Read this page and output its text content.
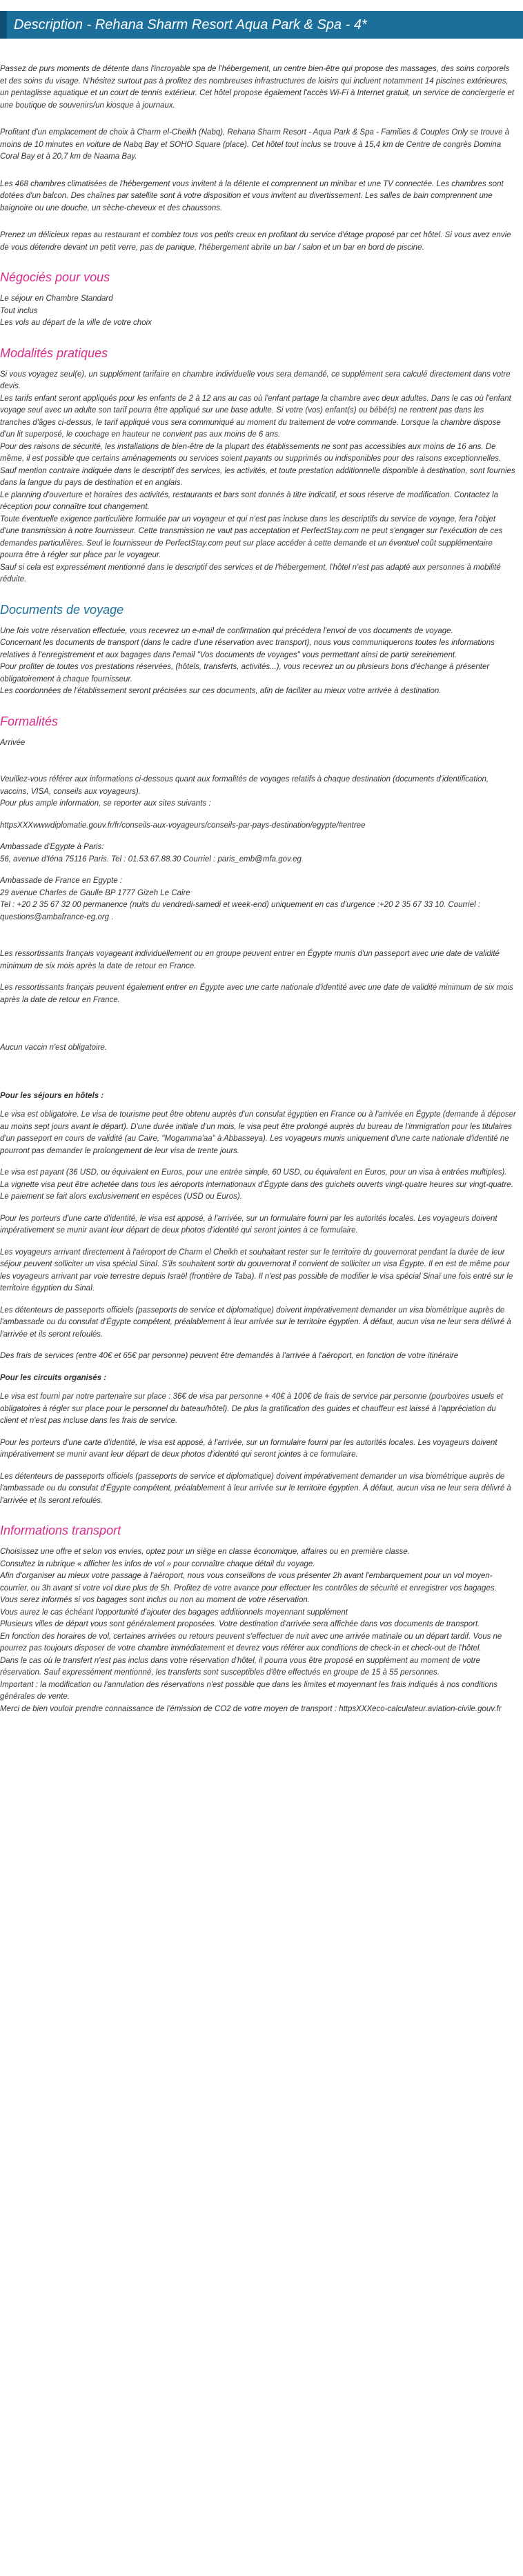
Description - Rehana Sharm Resort Aqua Park & Spa - 4*

Passez de purs moments de détente dans l'incroyable spa de l'hébergement, un centre bien-être qui propose des massages, des soins corporels et des soins du visage. N'hésitez surtout pas à profitez des nombreuses infrastructures de loisirs qui incluent notamment 14 piscines extérieures, un pentaglisse aquatique et un court de tennis extérieur. Cet hôtel propose également l'accès Wi-Fi à Internet gratuit, un service de conciergerie et une boutique de souvenirs/un kiosque à journaux.

Profitant d'un emplacement de choix à Charm el-Cheikh (Nabq), Rehana Sharm Resort - Aqua Park & Spa - Families & Couples Only se trouve à moins de 10 minutes en voiture de Nabq Bay et SOHO Square (place). Cet hôtel tout inclus se trouve à 15,4 km de Centre de congrès Domina Coral Bay et à 20,7 km de Naama Bay.

Les 468 chambres climatisées de l'hébergement vous invitent à la détente et comprennent un minibar et une TV connectée. Les chambres sont dotées d'un balcon. Des chaînes par satellite sont à votre disposition et vous invitent au divertissement. Les salles de bain comprennent une baignoire ou une douche, un sèche-cheveux et des chaussons.

Prenez un délicieux repas au restaurant et comblez tous vos petits creux en profitant du service d'étage proposé par cet hôtel. Si vous avez envie de vous détendre devant un petit verre, pas de panique, l'hébergement abrite un bar / salon et un bar en bord de piscine.

Négociés pour vous
Le séjour en Chambre Standard
Tout inclus
Les vols au départ de la ville de votre choix
Modalités pratiques

Si vous voyagez seul(e), un supplément tarifaire en chambre individuelle vous sera demandé, ce supplément sera calculé directement dans votre devis.
Les tarifs enfant seront appliqués pour les enfants de 2 à 12 ans au cas où l'enfant partage la chambre avec deux adultes. Dans le cas où l'enfant voyage seul avec un adulte son tarif pourra être appliqué sur une base adulte. Si votre (vos) enfant(s) ou bébé(s) ne rentrent pas dans les tranches d'âges ci-dessus, le tarif appliqué vous sera communiqué au moment du traitement de votre commande. Lorsque la chambre dispose d'un lit superposé, le couchage en hauteur ne convient pas aux moins de 6 ans.
Pour des raisons de sécurité, les installations de bien-être de la plupart des établissements ne sont pas accessibles aux moins de 16 ans. De même, il est possible que certains aménagements ou services soient payants ou supprimés ou indisponibles pour des raisons exceptionnelles.
Sauf mention contraire indiquée dans le descriptif des services, les activités, et toute prestation additionnelle disponible à destination, sont fournies dans la langue du pays de destination et en anglais.
Le planning d'ouverture et horaires des activités, restaurants et bars sont donnés à titre indicatif, et sous réserve de modification. Contactez la réception pour connaître tout changement.
Toute éventuelle exigence particulière formulée par un voyageur et qui n'est pas incluse dans les descriptifs du service de voyage, fera l'objet d'une transmission à notre fournisseur. Cette transmission ne vaut pas acceptation et PerfectStay.com ne peut s'engager sur l'exécution de ces demandes particulières. Seul le fournisseur de PerfectStay.com peut sur place accéder à cette demande et un éventuel coût supplémentaire pourra être à régler sur place par le voyageur.
Sauf si cela est expressément mentionné dans le descriptif des services et de l'hébergement, l'hôtel n'est pas adapté aux personnes à mobilité réduite.

Documents de voyage

Une fois votre réservation effectuée, vous recevrez un e-mail de confirmation qui précédera l'envoi de vos documents de voyage.
Concernant les documents de transport (dans le cadre d'une réservation avec transport), nous vous communiquerons toutes les informations relatives à l'enregistrement et aux bagages dans l'email "Vos documents de voyages" vous permettant ainsi de partir sereinement.
Pour profiter de toutes vos prestations réservées, (hôtels, transferts, activités...), vous recevrez un ou plusieurs bons d'échange à présenter obligatoirement à chaque fournisseur.
Les coordonnées de l'établissement seront précisées sur ces documents, afin de faciliter au mieux votre arrivée à destination.

Formalités

Arrivée

Veuillez-vous référer aux informations ci-dessous quant aux formalités de voyages relatifs à chaque destination (documents d'identification, vaccins, VISA, conseils aux voyageurs).
Pour plus ample information, se reporter aux sites suivants :

httpsXXXwwwdiplomatie.gouv.fr/fr/conseils-aux-voyageurs/conseils-par-pays-destination/egypte/#entree

Ambassade d'Egypte à Paris:
56, avenue d'Iéna 75116 Paris. Tel : 01.53.67.88.30 Courriel : paris_emb@mfa.gov.eg

Ambassade de France en Egypte :
29 avenue Charles de Gaulle BP 1777 Gizeh Le Caire
Tel : +20 2 35 67 32 00 permanence (nuits du vendredi-samedi et week-end) uniquement en cas d'urgence :+20 2 35 67 33 10. Courriel : questions@ambafrance-eg.org .

Les ressortissants français voyageant individuellement ou en groupe peuvent entrer en Égypte munis d'un passeport avec une date de validité minimum de six mois après la date de retour en France.

Les ressortissants français peuvent également entrer en Égypte avec une carte nationale d'identité avec une date de validité minimum de six mois après la date de retour en France.

Aucun vaccin n'est obligatoire.

Pour les séjours en hôtels :

Le visa est obligatoire. Le visa de tourisme peut être obtenu auprès d'un consulat égyptien en France ou à l'arrivée en Égypte (demande à déposer au moins sept jours avant le départ). D'une durée initiale d'un mois, le visa peut être prolongé auprès du bureau de l'immigration pour les titulaires d'un passeport en cours de validité (au Caire, "Mogamma'aa" à Abbasseya). Les voyageurs munis uniquement d'une carte nationale d'identité ne pourront pas demander le prolongement de leur visa de trente jours.

Le visa est payant (36 USD, ou équivalent en Euros, pour une entrée simple, 60 USD, ou équivalent en Euros, pour un visa à entrées multiples). La vignette visa peut être achetée dans tous les aéroports internationaux d'Égypte dans des guichets ouverts vingt-quatre heures sur vingt-quatre. Le paiement se fait alors exclusivement en espèces (USD ou Euros).

Pour les porteurs d'une carte d'identité, le visa est apposé, à l'arrivée, sur un formulaire fourni par les autorités locales. Les voyageurs doivent impérativement se munir avant leur départ de deux photos d'identité qui seront jointes à ce formulaire.

Les voyageurs arrivant directement à l'aéroport de Charm el Cheikh et souhaitant rester sur le territoire du gouvernorat pendant la durée de leur séjour peuvent solliciter un visa spécial Sinaï. S'ils souhaitent sortir du gouvernorat il convient de solliciter un visa Égypte. Il en est de même pour les voyageurs arrivant par voie terrestre depuis Israël (frontière de Taba). Il n'est pas possible de modifier le visa spécial Sinaï une fois entré sur le territoire égyptien du Sinaï.

Les détenteurs de passeports officiels (passeports de service et diplomatique) doivent impérativement demander un visa biométrique auprès de l'ambassade ou du consulat d'Égypte compétent, préalablement à leur arrivée sur le territoire égyptien. À défaut, aucun visa ne leur sera délivré à l'arrivée et ils seront refoulés.

Des frais de services (entre 40€ et 65€ par personne) peuvent être demandés à l'arrivée à l'aéroport, en fonction de votre itinéraire

Pour les circuits organisés :

Le visa est fourni par notre partenaire sur place : 36€ de visa par personne + 40€ à 100€ de frais de service par personne (pourboires usuels et obligatoires à régler sur place pour le personnel du bateau/hôtel). De plus la gratification des guides et chauffeur est laissé à l'appréciation du client et n'est pas incluse dans les frais de service.

Pour les porteurs d'une carte d'identité, le visa est apposé, à l'arrivée, sur un formulaire fourni par les autorités locales. Les voyageurs doivent impérativement se munir avant leur départ de deux photos d'identité qui seront jointes à ce formulaire.

Les détenteurs de passeports officiels (passeports de service et diplomatique) doivent impérativement demander un visa biométrique auprès de l'ambassade ou du consulat d'Égypte compétent, préalablement à leur arrivée sur le territoire égyptien. À défaut, aucun visa ne leur sera délivré à l'arrivée et ils seront refoulés.

Informations transport

Choisissez une offre et selon vos envies, optez pour un siège en classe économique, affaires ou en première classe.
Consultez la rubrique « afficher les infos de vol » pour connaître chaque détail du voyage.
Afin d'organiser au mieux votre passage à l'aéroport, nous vous conseillons de vous présenter 2h avant l'embarquement pour un vol moyen-courrier, ou 3h avant si votre vol dure plus de 5h. Profitez de votre avance pour effectuer les contrôles de sécurité et enregistrer vos bagages.
Vous serez informés si vos bagages sont inclus ou non au moment de votre réservation.
Vous aurez le cas échéant l'opportunité d'ajouter des bagages additionnels moyennant supplément
Plusieurs villes de départ vous sont généralement proposées. Votre destination d'arrivée sera affichée dans vos documents de transport.
En fonction des horaires de vol, certaines arrivées ou retours peuvent s'effectuer de nuit avec une arrivée matinale ou un départ tardif. Vous ne pourrez pas toujours disposer de votre chambre immédiatement et devrez vous référer aux conditions de check-in et check-out de l'hôtel.
Dans le cas où le transfert n'est pas inclus dans votre réservation d'hôtel, il pourra vous être proposé en supplément au moment de votre réservation. Sauf expressément mentionné, les transferts sont susceptibles d'être effectués en groupe de 15 à 55 personnes.
Important : la modification ou l'annulation des réservations n'est possible que dans les limites et moyennant les frais indiqués à nos conditions générales de vente.
Merci de bien vouloir prendre connaissance de l'émission de CO2 de votre moyen de transport : httpsXXXeco-calculateur.aviation-civile.gouv.fr
